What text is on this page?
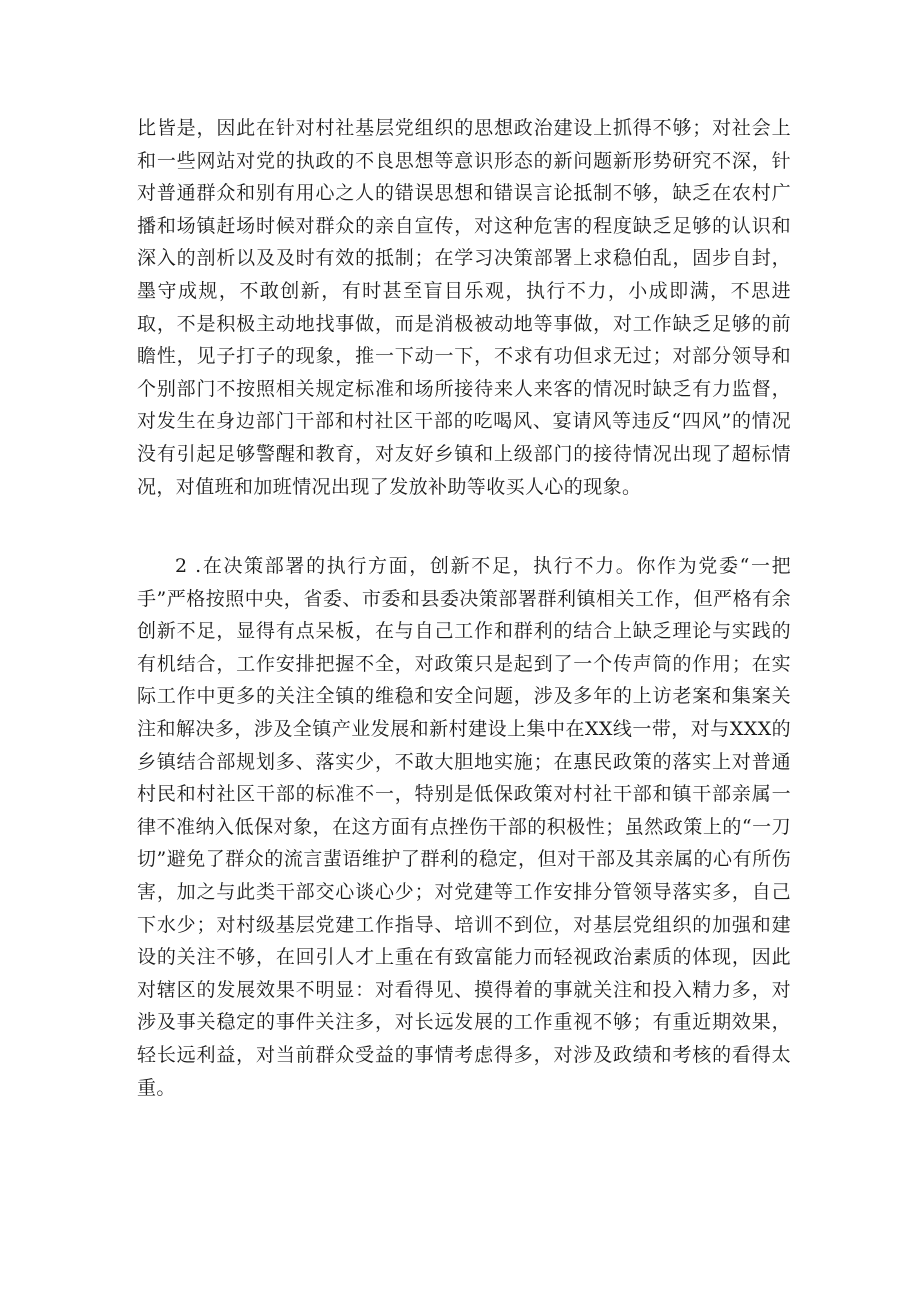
比皆是，因此在针对村社基层党组织的思想政治建设上抓得不够；对社会上和一些网站对党的执政的不良思想等意识形态的新问题新形势研究不深，针对普通群众和别有用心之人的错误思想和错误言论抵制不够，缺乏在农村广播和场镇赶场时候对群众的亲自宣传，对这种危害的程度缺乏足够的认识和深入的剖析以及及时有效的抵制；在学习决策部署上求稳伯乱，固步自封，墨守成规，不敢创新，有时甚至盲目乐观，执行不力，小成即满，不思进取，不是积极主动地找事做，而是消极被动地等事做，对工作缺乏足够的前瞻性，见子打子的现象，推一下动一下，不求有功但求无过；对部分领导和个别部门不按照相关规定标准和场所接待来人来客的情况时缺乏有力监督，对发生在身边部门干部和村社区干部的吃喝风、宴请风等违反“四风”的情况没有引起足够警醒和教育，对友好乡镇和上级部门的接待情况出现了超标情况，对值班和加班情况出现了发放补助等收买人心的现象。

2 .在决策部署的执行方面，创新不足，执行不力。你作为党委“一把手”严格按照中央，省委、市委和县委决策部署群利镇相关工作，但严格有余创新不足，显得有点呆板，在与自己工作和群利的结合上缺乏理论与实践的有机结合，工作安排把握不全，对政策只是起到了一个传声筒的作用；在实际工作中更多的关注全镇的维稳和安全问题，涉及多年的上访老案和集案关注和解决多，涉及全镇产业发展和新村建设上集中在XX线一带，对与XXX的乡镇结合部规划多、落实少，不敢大胆地实施；在惠民政策的落实上对普通村民和村社区干部的标准不一，特别是低保政策对村社干部和镇干部亲属一律不准纳入低保对象，在这方面有点挫伤干部的积极性；虽然政策上的“一刀切”避免了群众的流言蜚语维护了群利的稳定，但对干部及其亲属的心有所伤害，加之与此类干部交心谈心少；对党建等工作安排分管领导落实多，自己下水少；对村级基层党建工作指导、培训不到位，对基层党组织的加强和建设的关注不够，在回引人才上重在有致富能力而轻视政治素质的体现，因此对辖区的发展效果不明显：对看得见、摸得着的事就关注和投入精力多，对涉及事关稳定的事件关注多，对长远发展的工作重视不够；有重近期效果，轻长远利益，对当前群众受益的事情考虑得多，对涉及政绩和考核的看得太重。
